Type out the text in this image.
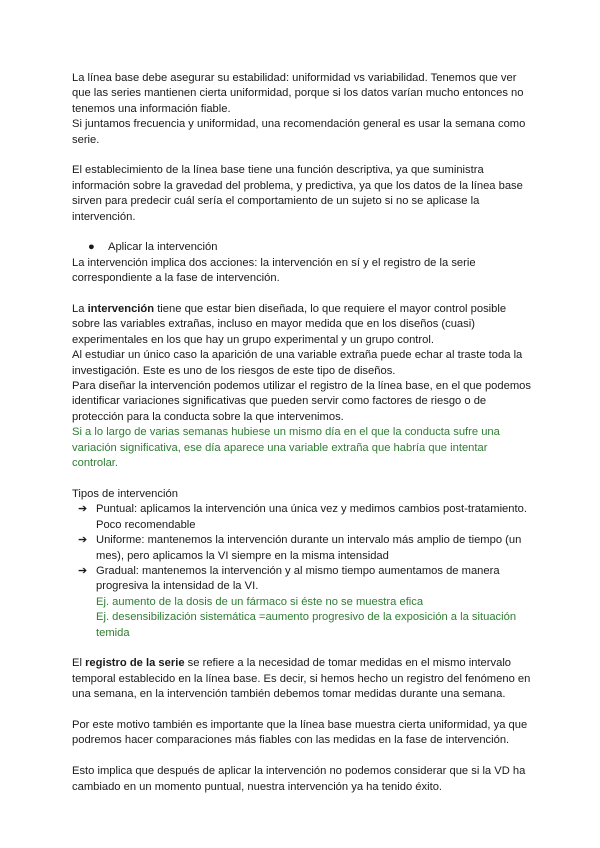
La línea base debe asegurar su estabilidad: uniformidad vs variabilidad. Tenemos que ver que las series mantienen cierta uniformidad, porque si los datos varían mucho entonces no tenemos una información fiable.

Si juntamos frecuencia y uniformidad, una recomendación general es usar la semana como serie.

El establecimiento de la línea base tiene una función descriptiva, ya que suministra información sobre la gravedad del problema, y predictiva, ya que los datos de la línea base sirven para predecir cuál sería el comportamiento de un sujeto si no se aplicase la intervención.

●	Aplicar la intervención

La intervención implica dos acciones: la intervención en sí y el registro de la serie correspondiente a la fase de intervención.

La intervención tiene que estar bien diseñada, lo que requiere el mayor control posible sobre las variables extrañas, incluso en mayor medida que en los diseños (cuasi) experimentales en los que hay un grupo experimental y un grupo control.

Al estudiar un único caso la aparición de una variable extraña puede echar al traste toda la investigación. Este es uno de los riesgos de este tipo de diseños.

Para diseñar la intervención podemos utilizar el registro de la línea base, en el que podemos identificar variaciones significativas que pueden servir como factores de riesgo o de protección para la conducta sobre la que intervenimos.

Si a lo largo de varias semanas hubiese un mismo día en el que la conducta sufre una variación significativa, ese día aparece una variable extraña que habría que intentar controlar.

Tipos de intervención

➔ Puntual: aplicamos la intervención una única vez y medimos cambios post-tratamiento. Poco recomendable
➔ Uniforme: mantenemos la intervención durante un intervalo más amplio de tiempo (un mes), pero aplicamos la VI siempre en la misma intensidad
➔ Gradual: mantenemos la intervención y al mismo tiempo aumentamos de manera progresiva la intensidad de la VI.
Ej. aumento de la dosis de un fármaco si éste no se muestra efica
Ej. desensibilización sistemática =aumento progresivo de la exposición a la situación temida

El registro de la serie se refiere a la necesidad de tomar medidas en el mismo intervalo temporal establecido en la línea base. Es decir, si hemos hecho un registro del fenómeno en una semana, en la intervención también debemos tomar medidas durante una semana.

Por este motivo también es importante que la línea base muestra cierta uniformidad, ya que podremos hacer comparaciones más fiables con las medidas en la fase de intervención.

Esto implica que después de aplicar la intervención no podemos considerar que si la VD ha cambiado en un momento puntual, nuestra intervención ya ha tenido éxito.
